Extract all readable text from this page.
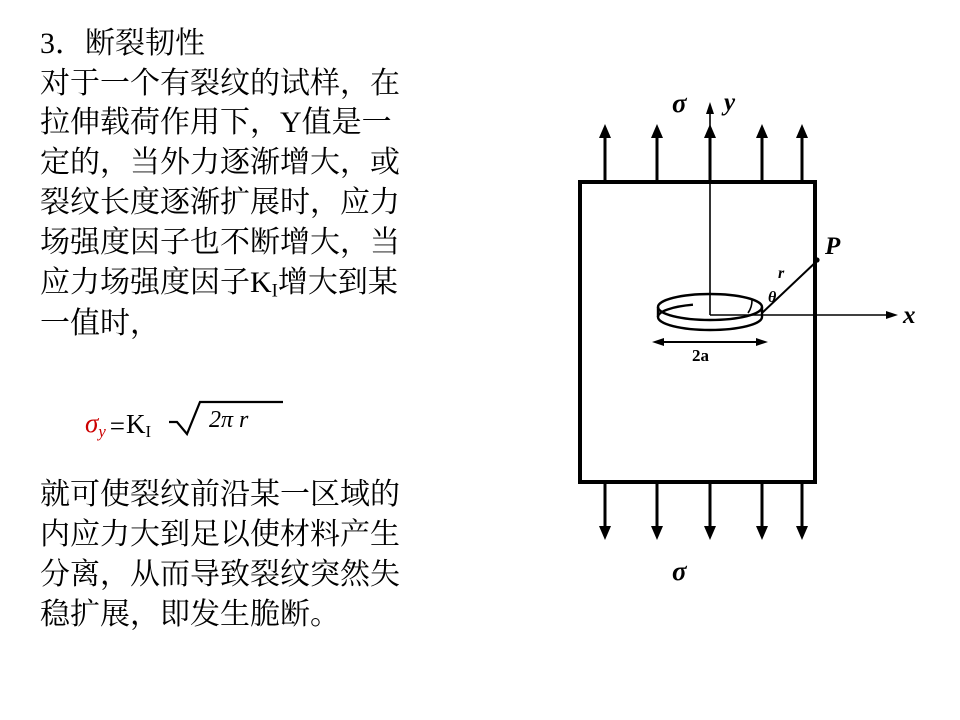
3．断裂韧性
对于一个有裂纹的试样，在
拉伸载荷作用下，Y值是一
定的，当外力逐渐增大，或
裂纹长度逐渐扩展时，应力
场强度因子也不断增大，当
应力场强度因子$K_I$增大到某
一值时，
$\sigma_y = K_I$ 2π r
就可使裂纹前沿某一区域的
内应力大到足以使材料产生
分离，从而导致裂纹突然失
稳扩展，即发生脆断。
2a
σ y
x
P
r
θ
σ
